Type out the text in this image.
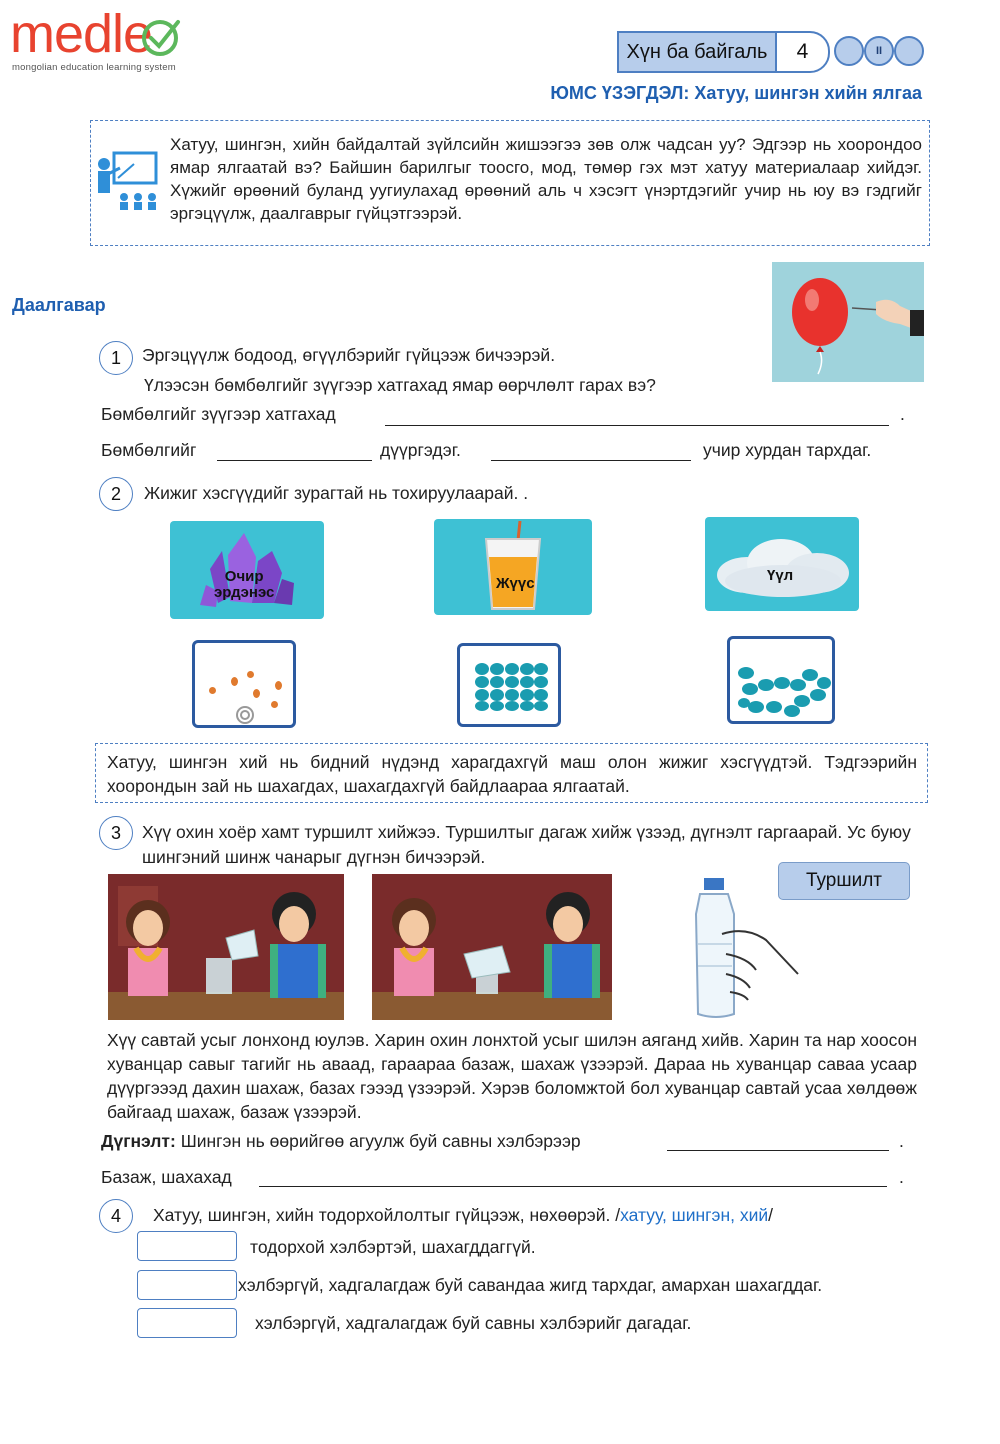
medle
mongolian education learning system
Хүн ба байгаль	4	II
ЮМС ҮЗЭГДЭЛ: Хатуу, шингэн хийн ялгаа
Хатуу, шингэн, хийн байдалтай зүйлсийн жишээгээ зөв олж чадсан уу? Эдгээр нь хоорондоо ямар ялгаатай вэ? Байшин барилгыг тоосго, мод, төмөр гэх мэт хатуу материалаар хийдэг. Хүжийг өрөөний буланд уугиулахад өрөөний аль ч хэсэгт үнэртдэгийг учир нь юу вэ гэдгийг эргэцүүлж, даалгаврыг гүйцэтгээрэй.
Даалгавар
1	Эргэцүүлж бодоод, өгүүлбэрийг гүйцээж бичээрэй.
Үлээсэн бөмбөлгийг зүүгээр хатгахад ямар өөрчлөлт гарах вэ?
Бөмбөлгийг зүүгээр хатгахад	.
Бөмбөлгийг	дүүргэдэг.	учир хурдан тархдаг.
2	Жижиг хэсгүүдийг зурагтай нь тохируулаарай. .
Очир
эрдэнэс
Жүүс	Үүл
Хатуу, шингэн хий нь бидний нүдэнд харагдахгүй маш олон жижиг хэсгүүдтэй. Тэдгээрийн хоорондын зай нь шахагдах, шахагдахгүй байдлаараа ялгаатай.
3	Хүү охин хоёр хамт туршилт хийжээ. Туршилтыг дагаж хийж үзээд, дүгнэлт гаргаарай. Ус буюу шингэний шинж чанарыг дүгнэн бичээрэй.
Туршилт
Хүү савтай усыг лонхонд юулэв. Харин охин лонхтой усыг шилэн аяганд хийв. Харин та нар хоосон хуванцар савыг тагийг нь аваад, гараараа базаж, шахаж үзээрэй. Дараа нь хуванцар саваа усаар дүүргэээд дахин шахаж, базах гэээд үзээрэй. Хэрэв боломжтой бол хуванцар савтай усаа хөлдөөж байгаад шахаж, базаж үзээрэй.
Дүгнэлт: Шингэн нь өөрийгөө агуулж буй савны хэлбэрээр	.
Базаж, шахахад	.
4	Хатуу, шингэн, хийн тодорхойлолтыг гүйцээж, нөхөөрэй. /хатуу, шингэн, хий/
тодорхой хэлбэртэй, шахагддаггүй.
хэлбэргүй, хадгалагдаж буй савандаа жигд тархдаг, амархан шахагддаг.
хэлбэргүй, хадгалагдаж буй савны хэлбэрийг дагадаг.
